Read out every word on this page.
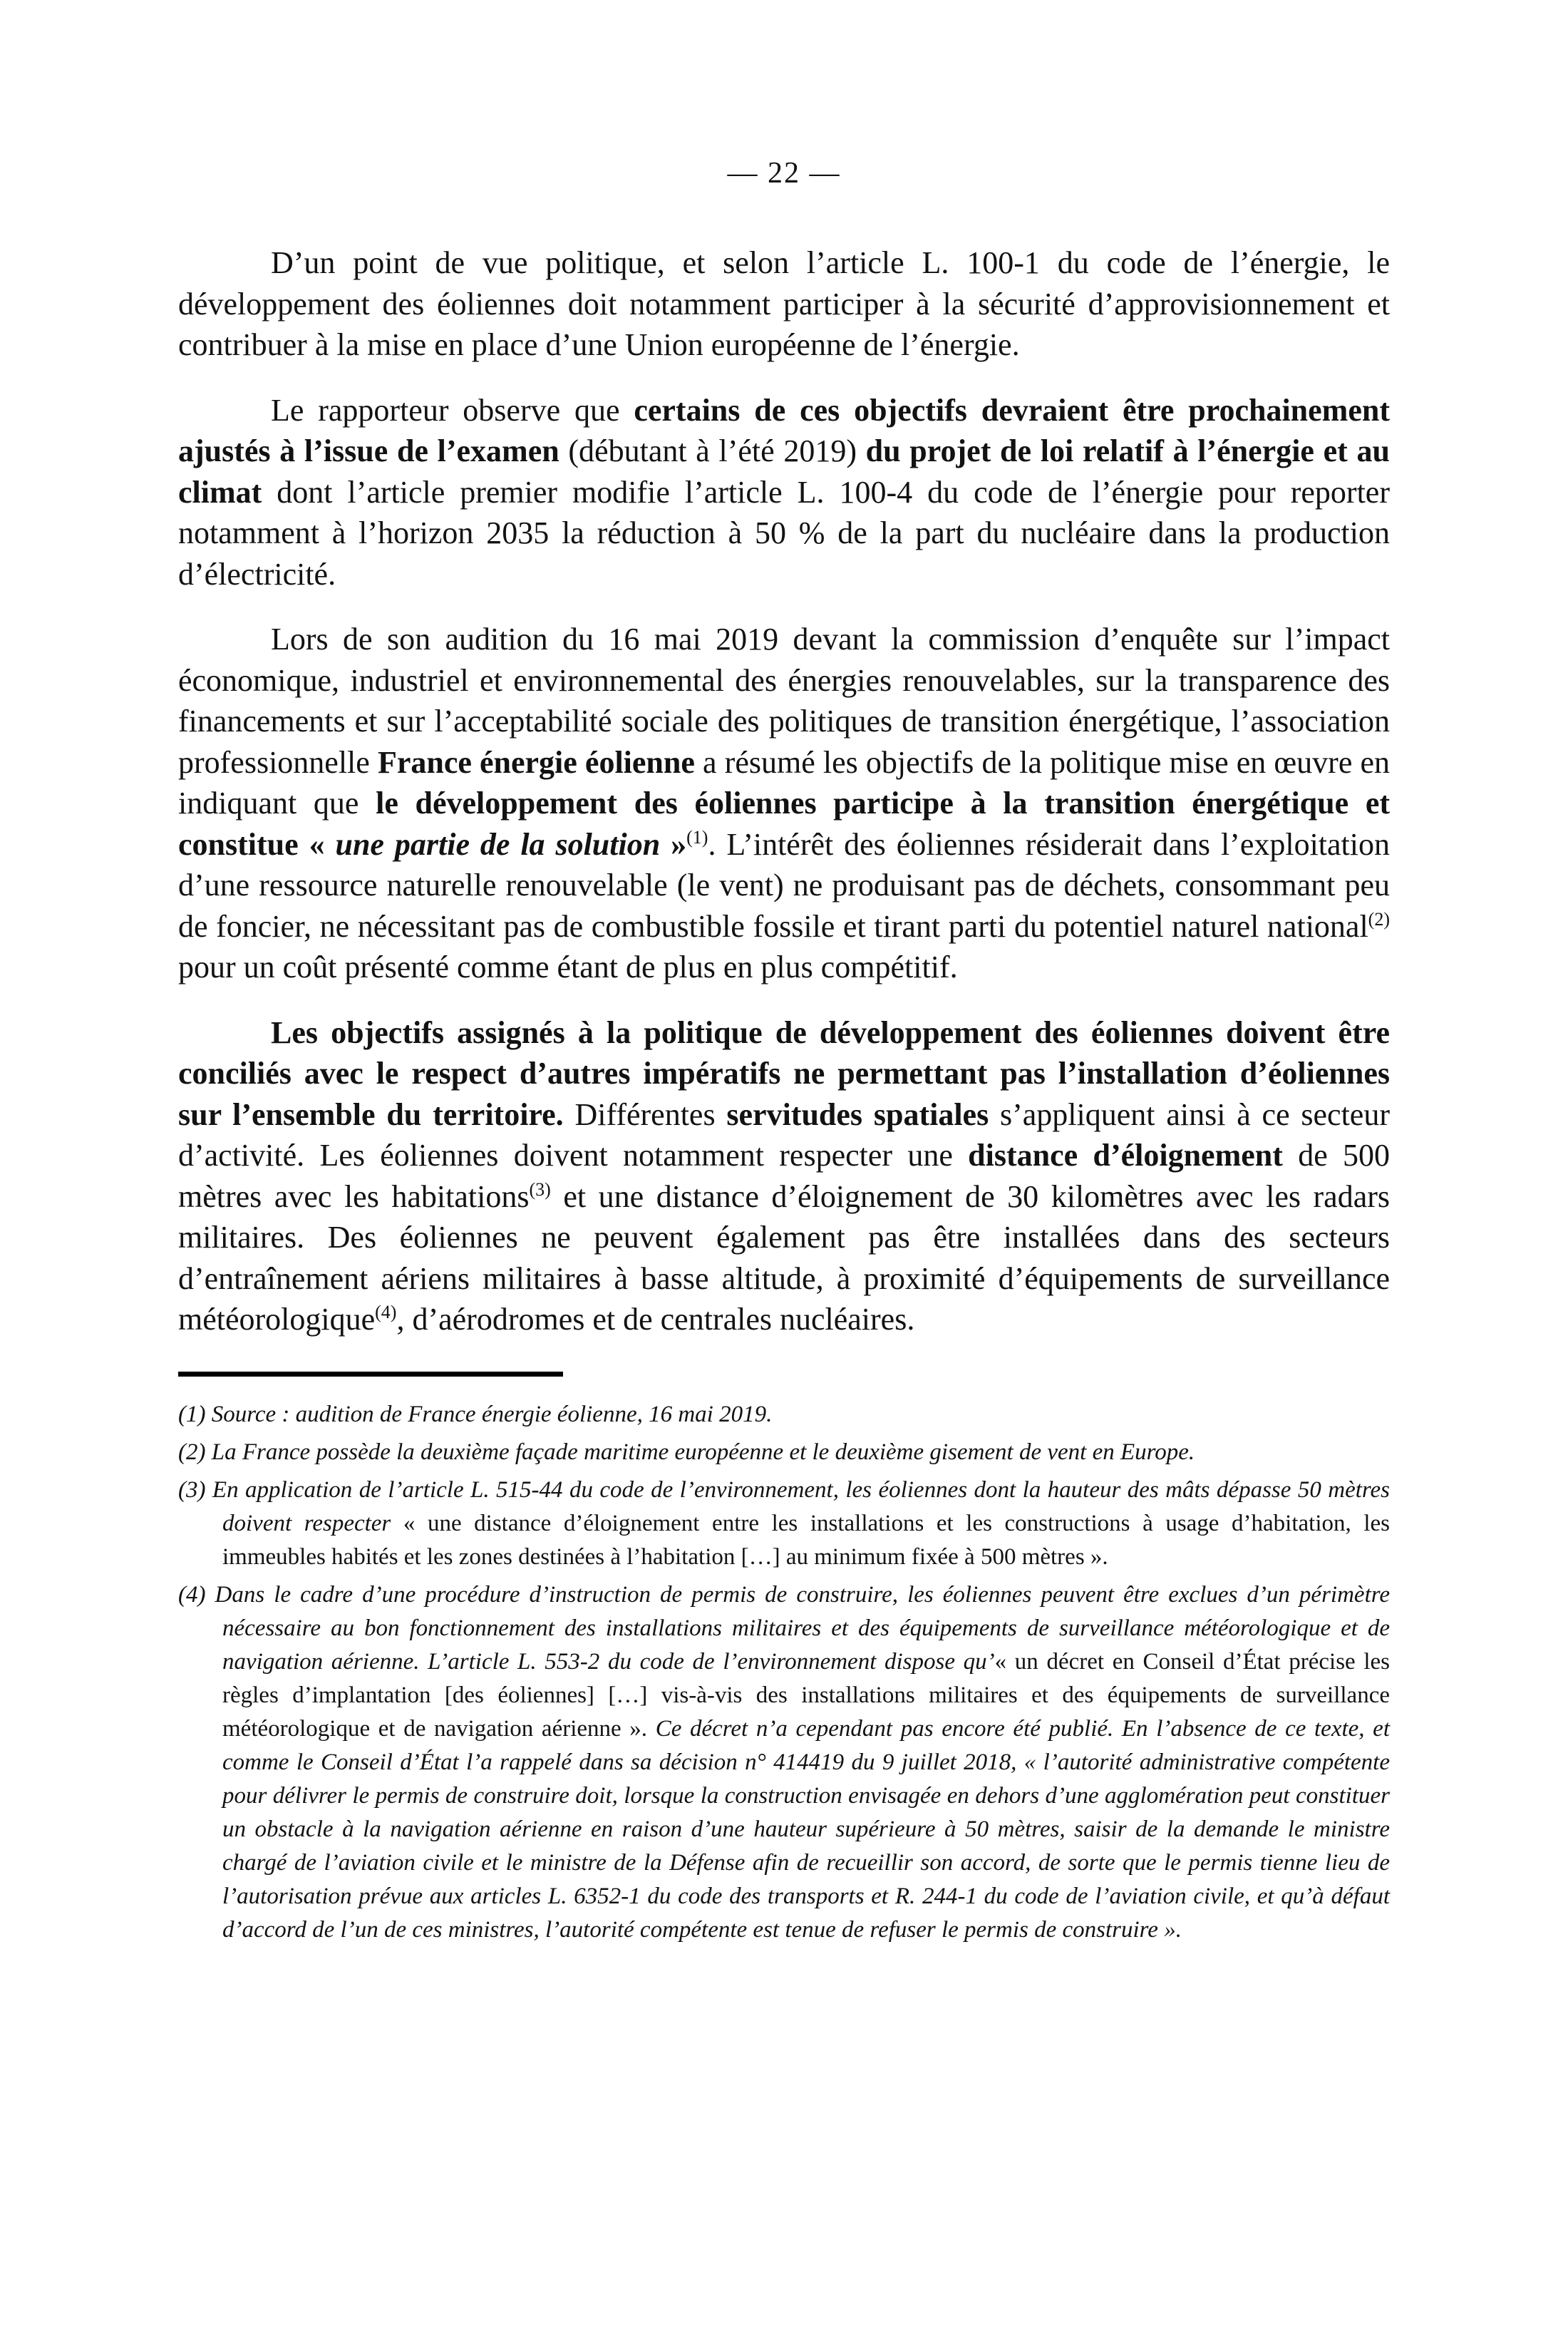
— 22 —

D’un point de vue politique, et selon l’article L. 100-1 du code de l’énergie, le développement des éoliennes doit notamment participer à la sécurité d’approvisionnement et contribuer à la mise en place d’une Union européenne de l’énergie.

Le rapporteur observe que certains de ces objectifs devraient être prochainement ajustés à l’issue de l’examen (débutant à l’été 2019) du projet de loi relatif à l’énergie et au climat dont l’article premier modifie l’article L. 100-4 du code de l’énergie pour reporter notamment à l’horizon 2035 la réduction à 50 % de la part du nucléaire dans la production d’électricité.

Lors de son audition du 16 mai 2019 devant la commission d’enquête sur l’impact économique, industriel et environnemental des énergies renouvelables, sur la transparence des financements et sur l’acceptabilité sociale des politiques de transition énergétique, l’association professionnelle France énergie éolienne a résumé les objectifs de la politique mise en œuvre en indiquant que le développement des éoliennes participe à la transition énergétique et constitue « une partie de la solution »$^{(1)}$. L’intérêt des éoliennes résiderait dans l’exploitation d’une ressource naturelle renouvelable (le vent) ne produisant pas de déchets, consommant peu de foncier, ne nécessitant pas de combustible fossile et tirant parti du potentiel naturel national$^{(2)}$ pour un coût présenté comme étant de plus en plus compétitif.

Les objectifs assignés à la politique de développement des éoliennes doivent être conciliés avec le respect d’autres impératifs ne permettant pas l’installation d’éoliennes sur l’ensemble du territoire. Différentes servitudes spatiales s’appliquent ainsi à ce secteur d’activité. Les éoliennes doivent notamment respecter une distance d’éloignement de 500 mètres avec les habitations$^{(3)}$ et une distance d’éloignement de 30 kilomètres avec les radars militaires. Des éoliennes ne peuvent également pas être installées dans des secteurs d’entraînement aériens militaires à basse altitude, à proximité d’équipements de surveillance météorologique$^{(4)}$, d’aérodromes et de centrales nucléaires.

(1) Source : audition de France énergie éolienne, 16 mai 2019.
(2) La France possède la deuxième façade maritime européenne et le deuxième gisement de vent en Europe.
(3) En application de l’article L. 515-44 du code de l’environnement, les éoliennes dont la hauteur des mâts dépasse 50 mètres doivent respecter « une distance d’éloignement entre les installations et les constructions à usage d’habitation, les immeubles habités et les zones destinées à l’habitation […] au minimum fixée à 500 mètres ».
(4) Dans le cadre d’une procédure d’instruction de permis de construire, les éoliennes peuvent être exclues d’un périmètre nécessaire au bon fonctionnement des installations militaires et des équipements de surveillance météorologique et de navigation aérienne. L’article L. 553-2 du code de l’environnement dispose qu’« un décret en Conseil d’État précise les règles d’implantation [des éoliennes] […] vis-à-vis des installations militaires et des équipements de surveillance météorologique et de navigation aérienne ». Ce décret n’a cependant pas encore été publié. En l’absence de ce texte, et comme le Conseil d’État l’a rappelé dans sa décision n° 414419 du 9 juillet 2018, « l’autorité administrative compétente pour délivrer le permis de construire doit, lorsque la construction envisagée en dehors d’une agglomération peut constituer un obstacle à la navigation aérienne en raison d’une hauteur supérieure à 50 mètres, saisir de la demande le ministre chargé de l’aviation civile et le ministre de la Défense afin de recueillir son accord, de sorte que le permis tienne lieu de l’autorisation prévue aux articles L. 6352-1 du code des transports et R. 244-1 du code de l’aviation civile, et qu’à défaut d’accord de l’un de ces ministres, l’autorité compétente est tenue de refuser le permis de construire ».
